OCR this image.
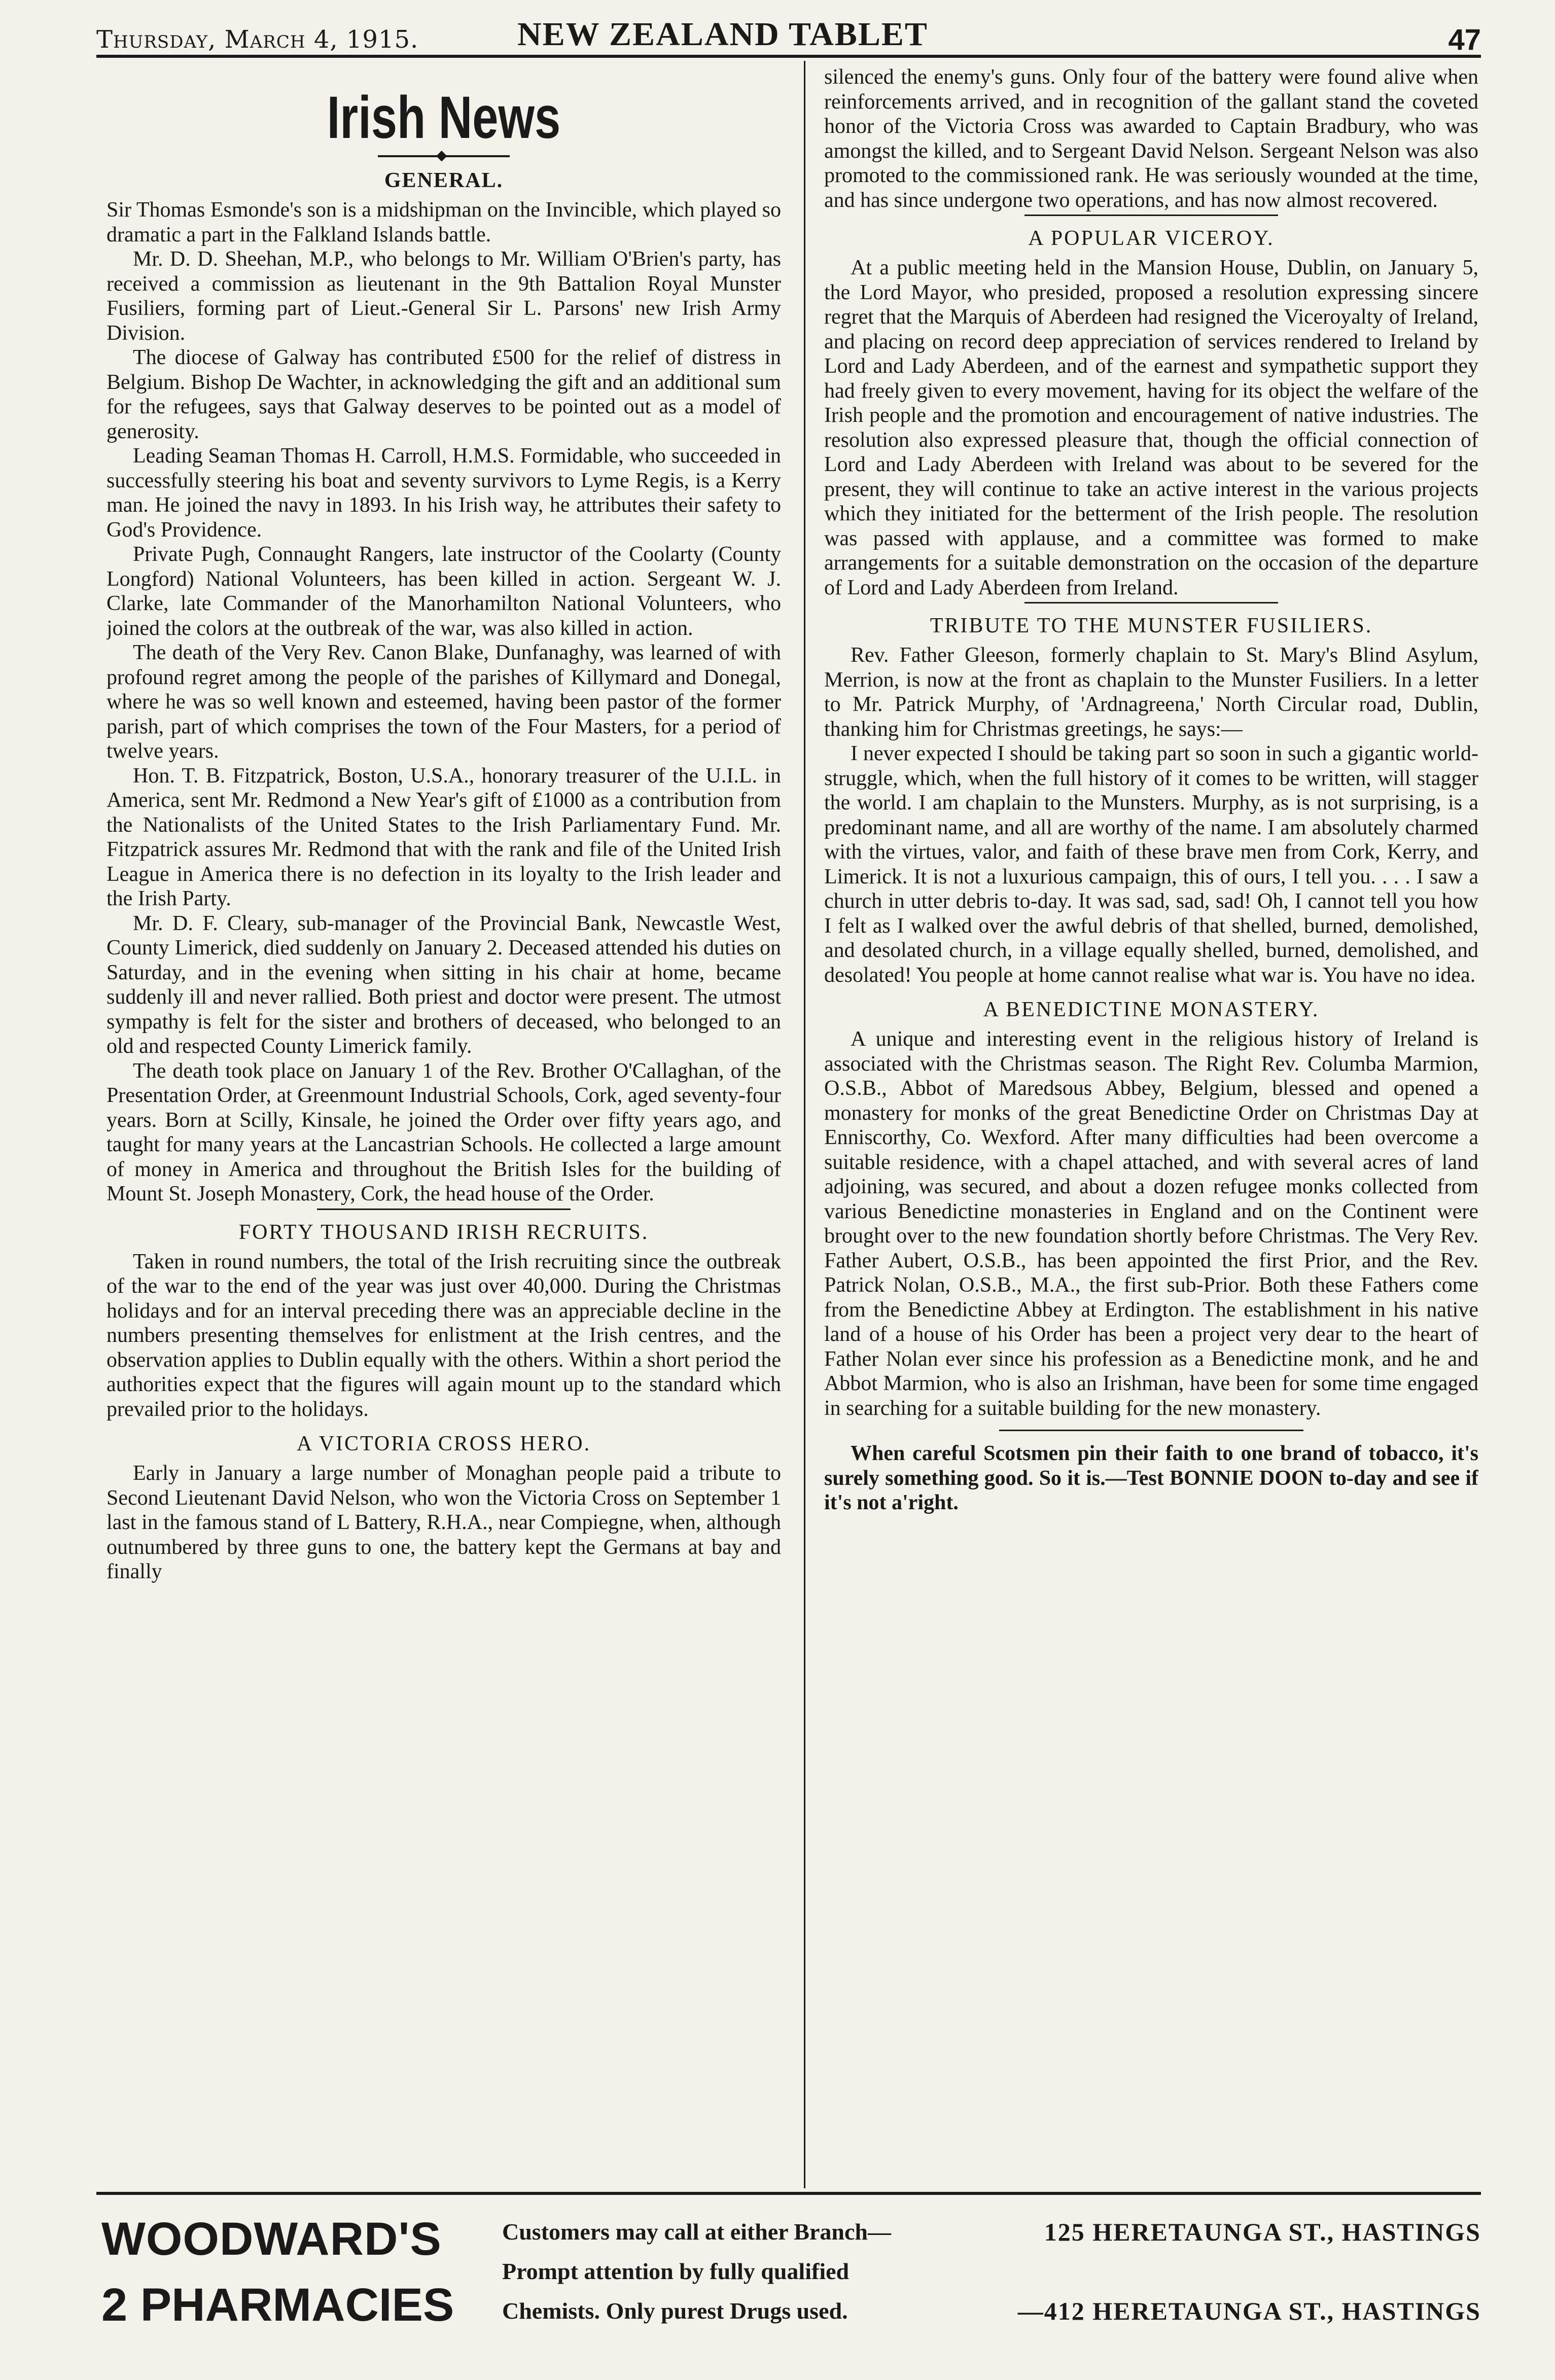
Thursday, March 4, 1915.	NEW ZEALAND TABLET	47
Irish News
◆
GENERAL.

Sir Thomas Esmonde's son is a midshipman on the Invincible, which played so dramatic a part in the Falkland Islands battle.

Mr. D. D. Sheehan, M.P., who belongs to Mr. William O'Brien's party, has received a commission as lieutenant in the 9th Battalion Royal Munster Fusiliers, forming part of Lieut.-General Sir L. Parsons' new Irish Army Division.

The diocese of Galway has contributed £500 for the relief of distress in Belgium. Bishop De Wachter, in acknowledging the gift and an additional sum for the refugees, says that Galway deserves to be pointed out as a model of generosity.

Leading Seaman Thomas H. Carroll, H.M.S. Formidable, who succeeded in successfully steering his boat and seventy survivors to Lyme Regis, is a Kerry man. He joined the navy in 1893. In his Irish way, he attributes their safety to God's Providence.

Private Pugh, Connaught Rangers, late instructor of the Coolarty (County Longford) National Volunteers, has been killed in action. Sergeant W. J. Clarke, late Commander of the Manorhamilton National Volunteers, who joined the colors at the outbreak of the war, was also killed in action.

The death of the Very Rev. Canon Blake, Dunfanaghy, was learned of with profound regret among the people of the parishes of Killymard and Donegal, where he was so well known and esteemed, having been pastor of the former parish, part of which comprises the town of the Four Masters, for a period of twelve years.

Hon. T. B. Fitzpatrick, Boston, U.S.A., honorary treasurer of the U.I.L. in America, sent Mr. Redmond a New Year's gift of £1000 as a contribution from the Nationalists of the United States to the Irish Parliamentary Fund. Mr. Fitzpatrick assures Mr. Redmond that with the rank and file of the United Irish League in America there is no defection in its loyalty to the Irish leader and the Irish Party.

Mr. D. F. Cleary, sub-manager of the Provincial Bank, Newcastle West, County Limerick, died suddenly on January 2. Deceased attended his duties on Saturday, and in the evening when sitting in his chair at home, became suddenly ill and never rallied. Both priest and doctor were present. The utmost sympathy is felt for the sister and brothers of deceased, who belonged to an old and respected County Limerick family.

The death took place on January 1 of the Rev. Brother O'Callaghan, of the Presentation Order, at Greenmount Industrial Schools, Cork, aged seventy-four years. Born at Scilly, Kinsale, he joined the Order over fifty years ago, and taught for many years at the Lancastrian Schools. He collected a large amount of money in America and throughout the British Isles for the building of Mount St. Joseph Monastery, Cork, the head house of the Order.

FORTY THOUSAND IRISH RECRUITS.

Taken in round numbers, the total of the Irish recruiting since the outbreak of the war to the end of the year was just over 40,000. During the Christmas holidays and for an interval preceding there was an appreciable decline in the numbers presenting themselves for enlistment at the Irish centres, and the observation applies to Dublin equally with the others. Within a short period the authorities expect that the figures will again mount up to the standard which prevailed prior to the holidays.

A VICTORIA CROSS HERO.

Early in January a large number of Monaghan people paid a tribute to Second Lieutenant David Nelson, who won the Victoria Cross on September 1 last in the famous stand of L Battery, R.H.A., near Compiegne, when, although outnumbered by three guns to one, the battery kept the Germans at bay and finally

silenced the enemy's guns. Only four of the battery were found alive when reinforcements arrived, and in recognition of the gallant stand the coveted honor of the Victoria Cross was awarded to Captain Bradbury, who was amongst the killed, and to Sergeant David Nelson. Sergeant Nelson was also promoted to the commissioned rank. He was seriously wounded at the time, and has since undergone two operations, and has now almost recovered.

A POPULAR VICEROY.

At a public meeting held in the Mansion House, Dublin, on January 5, the Lord Mayor, who presided, proposed a resolution expressing sincere regret that the Marquis of Aberdeen had resigned the Viceroyalty of Ireland, and placing on record deep appreciation of services rendered to Ireland by Lord and Lady Aberdeen, and of the earnest and sympathetic support they had freely given to every movement, having for its object the welfare of the Irish people and the promotion and encouragement of native industries. The resolution also expressed pleasure that, though the official connection of Lord and Lady Aberdeen with Ireland was about to be severed for the present, they will continue to take an active interest in the various projects which they initiated for the betterment of the Irish people. The resolution was passed with applause, and a committee was formed to make arrangements for a suitable demonstration on the occasion of the departure of Lord and Lady Aberdeen from Ireland.

TRIBUTE TO THE MUNSTER FUSILIERS.

Rev. Father Gleeson, formerly chaplain to St. Mary's Blind Asylum, Merrion, is now at the front as chaplain to the Munster Fusiliers. In a letter to Mr. Patrick Murphy, of 'Ardnagreena,' North Circular road, Dublin, thanking him for Christmas greetings, he says:—

I never expected I should be taking part so soon in such a gigantic world-struggle, which, when the full history of it comes to be written, will stagger the world. I am chaplain to the Munsters. Murphy, as is not surprising, is a predominant name, and all are worthy of the name. I am absolutely charmed with the virtues, valor, and faith of these brave men from Cork, Kerry, and Limerick. It is not a luxurious campaign, this of ours, I tell you. . . . I saw a church in utter debris to-day. It was sad, sad, sad! Oh, I cannot tell you how I felt as I walked over the awful debris of that shelled, burned, demolished, and desolated church, in a village equally shelled, burned, demolished, and desolated! You people at home cannot realise what war is. You have no idea.

A BENEDICTINE MONASTERY.

A unique and interesting event in the religious history of Ireland is associated with the Christmas season. The Right Rev. Columba Marmion, O.S.B., Abbot of Maredsous Abbey, Belgium, blessed and opened a monastery for monks of the great Benedictine Order on Christmas Day at Enniscorthy, Co. Wexford. After many difficulties had been overcome a suitable residence, with a chapel attached, and with several acres of land adjoining, was secured, and about a dozen refugee monks collected from various Benedictine monasteries in England and on the Continent were brought over to the new foundation shortly before Christmas. The Very Rev. Father Aubert, O.S.B., has been appointed the first Prior, and the Rev. Patrick Nolan, O.S.B., M.A., the first sub-Prior. Both these Fathers come from the Benedictine Abbey at Erdington. The establishment in his native land of a house of his Order has been a project very dear to the heart of Father Nolan ever since his profession as a Benedictine monk, and he and Abbot Marmion, who is also an Irishman, have been for some time engaged in searching for a suitable building for the new monastery.

When careful Scotsmen pin their faith to one brand of tobacco, it's surely something good. So it is.—Test BONNIE DOON to-day and see if it's not a'right.

WOODWARD'S
2 PHARMACIES
Customers may call at either Branch—	125 HERETAUNGA ST., HASTINGS
Prompt attention by fully qualified
Chemists. Only purest Drugs used.	—412 HERETAUNGA ST., HASTINGS
